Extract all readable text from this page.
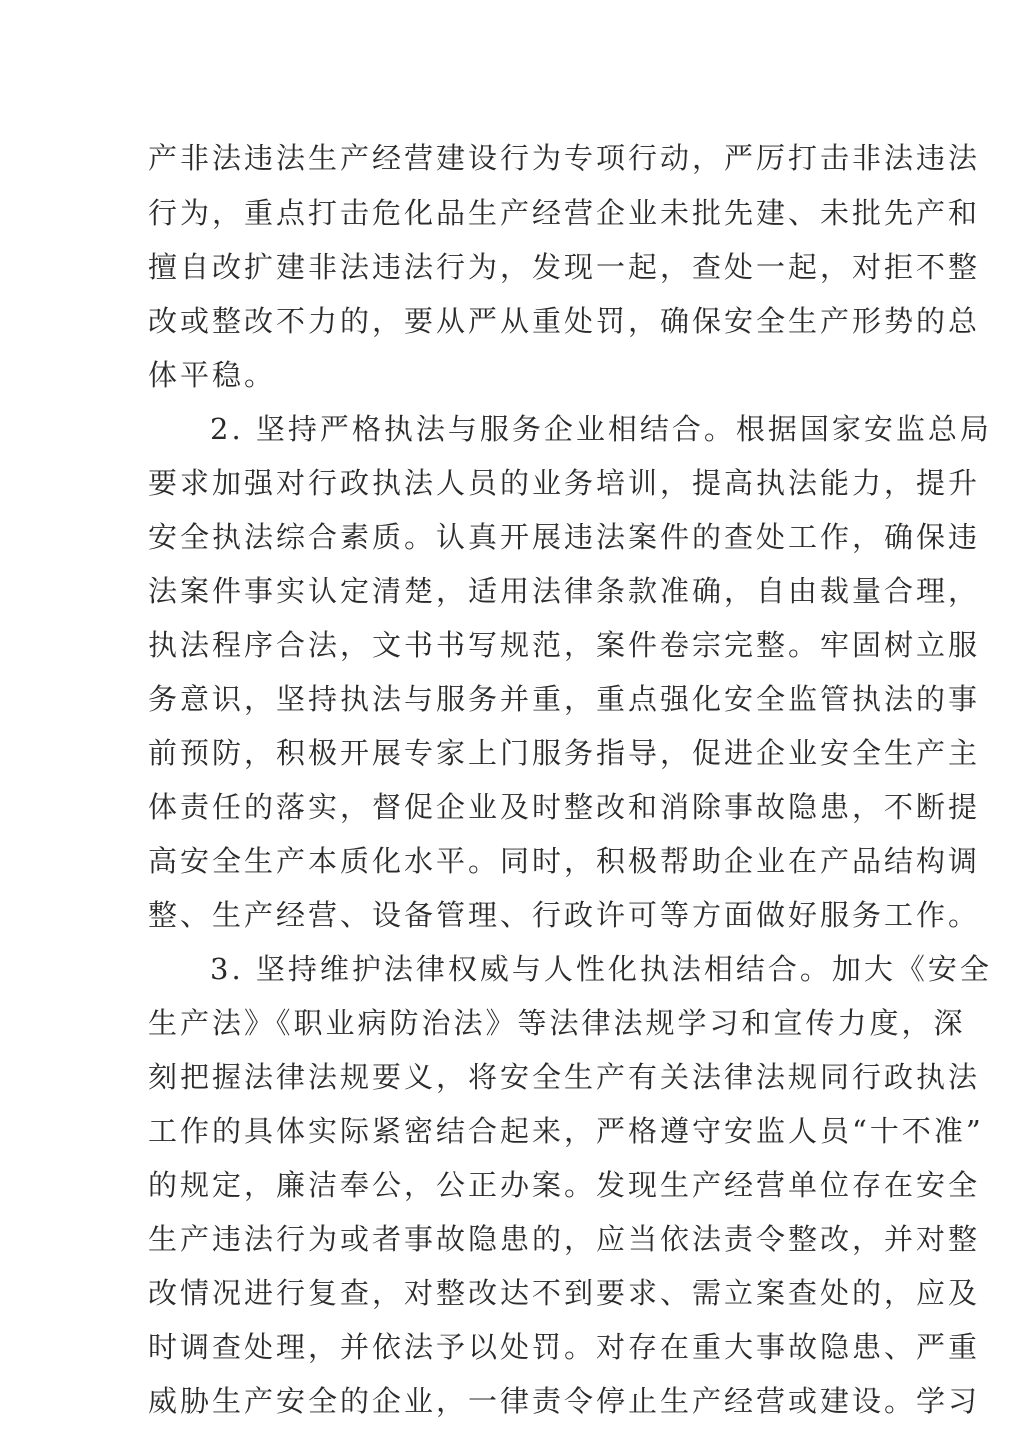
产非法违法生产经营建设行为专项行动，严厉打击非法违法
行为，重点打击危化品生产经营企业未批先建、未批先产和
擅自改扩建非法违法行为，发现一起，查处一起，对拒不整
改或整改不力的，要从严从重处罚，确保安全生产形势的总
体平稳。
2. 坚持严格执法与服务企业相结合。根据国家安监总局
要求加强对行政执法人员的业务培训，提高执法能力，提升
安全执法综合素质。认真开展违法案件的查处工作，确保违
法案件事实认定清楚，适用法律条款准确，自由裁量合理，
执法程序合法，文书书写规范，案件卷宗完整。牢固树立服
务意识，坚持执法与服务并重，重点强化安全监管执法的事
前预防，积极开展专家上门服务指导，促进企业安全生产主
体责任的落实，督促企业及时整改和消除事故隐患，不断提
高安全生产本质化水平。同时，积极帮助企业在产品结构调
整、生产经营、设备管理、行政许可等方面做好服务工作。
3. 坚持维护法律权威与人性化执法相结合。加大《安全
生产法》《职业病防治法》等法律法规学习和宣传力度，深
刻把握法律法规要义，将安全生产有关法律法规同行政执法
工作的具体实际紧密结合起来，严格遵守安监人员“十不准”
的规定，廉洁奉公，公正办案。发现生产经营单位存在安全
生产违法行为或者事故隐患的，应当依法责令整改，并对整
改情况进行复查，对整改达不到要求、需立案查处的，应及
时调查处理，并依法予以处罚。对存在重大事故隐患、严重
威胁生产安全的企业，一律责令停止生产经营或建设。学习
